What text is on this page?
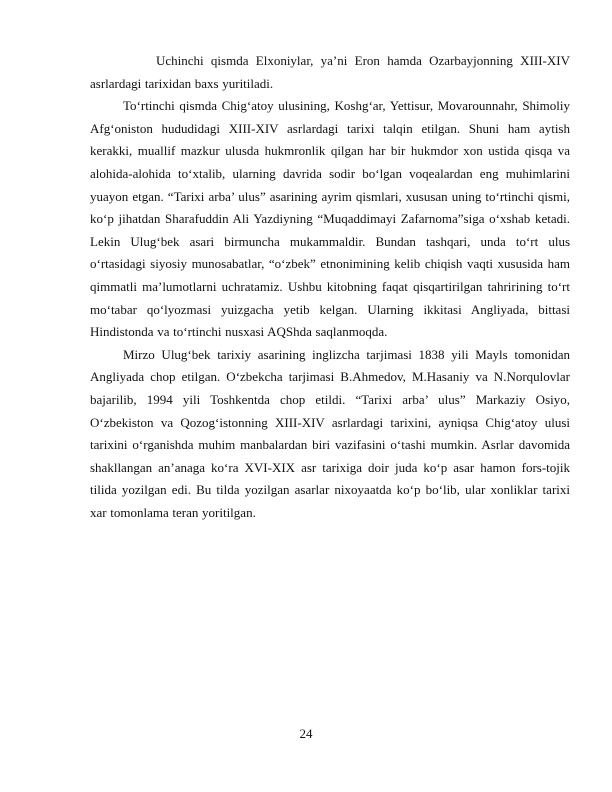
Uchinchi qismda Elxoniylar, ya’ni Eron hamda Ozarbayjonning XIII-XIV asrlardagi tarixidan baxs yuritiladi.

To‘rtinchi qismda Chig‘atoy ulusining, Koshg‘ar, Yettisur, Movarounnahr, Shimoliy Afg‘oniston hududidagi XIII-XIV asrlardagi tarixi talqin etilgan. Shuni ham aytish kerakki, muallif mazkur ulusda hukmronlik qilgan har bir hukmdor xon ustida qisqa va alohida-alohida to‘xtalib, ularning davrida sodir bo‘lgan voqealardan eng muhimlarini yuayon etgan. “Tarixi arba’ ulus” asarining ayrim qismlari, xususan uning to‘rtinchi qismi, ko‘p jihatdan Sharafuddin Ali Yazdiyning “Muqaddimayi Zafarnoma”siga o‘xshab ketadi. Lekin Ulug‘bek asari birmuncha mukammaldir. Bundan tashqari, unda to‘rt ulus o‘rtasidagi siyosiy munosabatlar, “o‘zbek” etnonimining kelib chiqish vaqti xususida ham qimmatli ma’lumotlarni uchratamiz. Ushbu kitobning faqat qisqartirilgan tahririning to‘rt mo‘tabar qo‘lyozmasi yuizgacha yetib kelgan. Ularning ikkitasi Angliyada, bittasi Hindistonda va to‘rtinchi nusxasi AQShda saqlanmoqda.

Mirzo Ulug‘bek tarixiy asarining inglizcha tarjimasi 1838 yili Mayls tomonidan Angliyada chop etilgan. O‘zbekcha tarjimasi B.Ahmedov, M.Hasaniy va N.Norqulovlar bajarilib, 1994 yili Toshkentda chop etildi. “Tarixi arba’ ulus” Markaziy Osiyo, O‘zbekiston va Qozog‘istonning XIII-XIV asrlardagi tarixini, ayniqsa Chig‘atoy ulusi tarixini o‘rganishda muhim manbalardan biri vazifasini o‘tashi mumkin. Asrlar davomida shakllangan an’anaga ko‘ra XVI-XIX asr tarixiga doir juda ko‘p asar hamon fors-tojik tilida yozilgan edi. Bu tilda yozilgan asarlar nixoyaatda ko‘p bo‘lib, ular xonliklar tarixi xar tomonlama teran yoritilgan.

24
